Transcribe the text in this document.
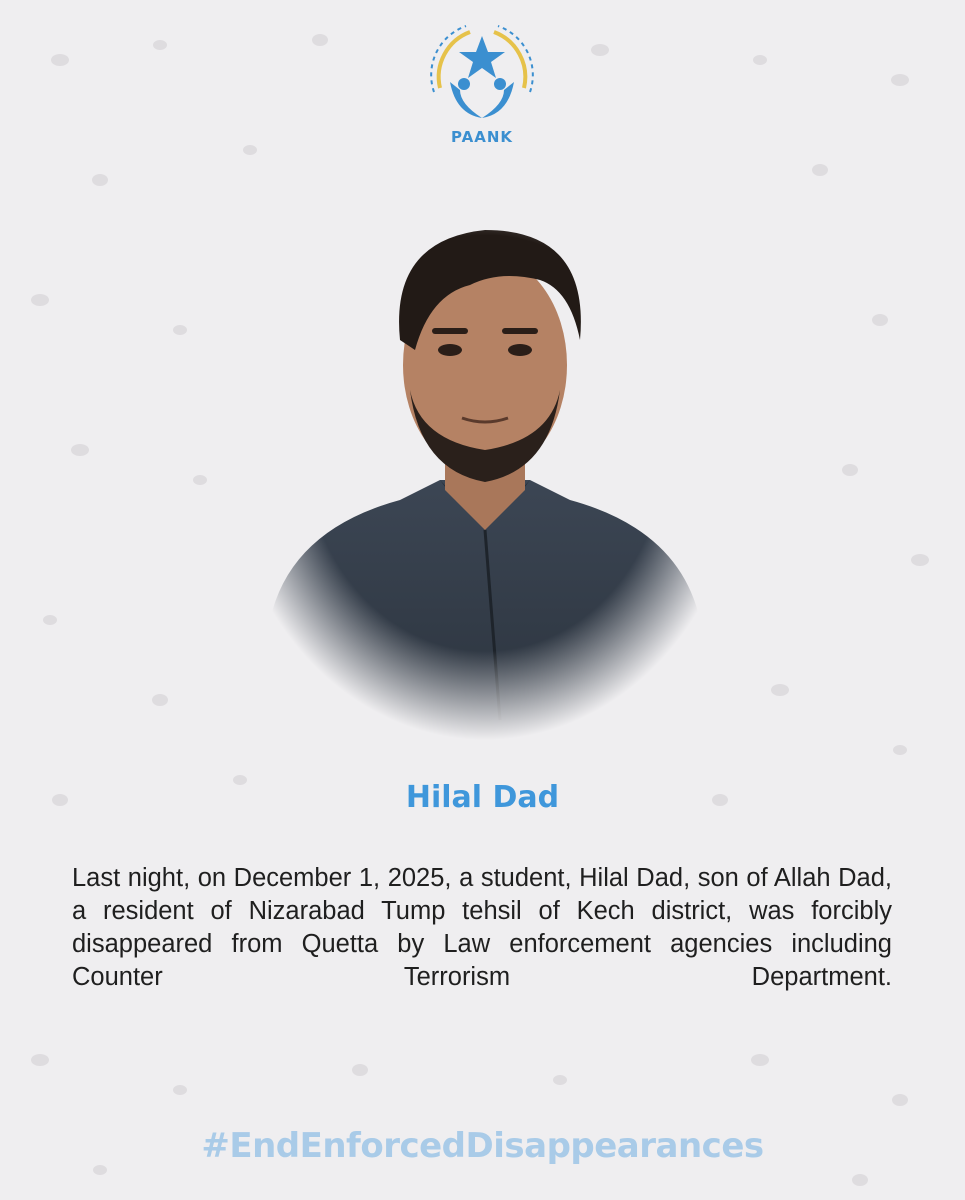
PAANK
Hilal Dad
Last night, on December 1, 2025, a student, Hilal Dad, son of Allah Dad, a resident of Nizarabad Tump tehsil of Kech district, was forcibly disappeared from Quetta by Law enforcement agencies including Counter Terrorism Department.
#EndEnforcedDisappearances
